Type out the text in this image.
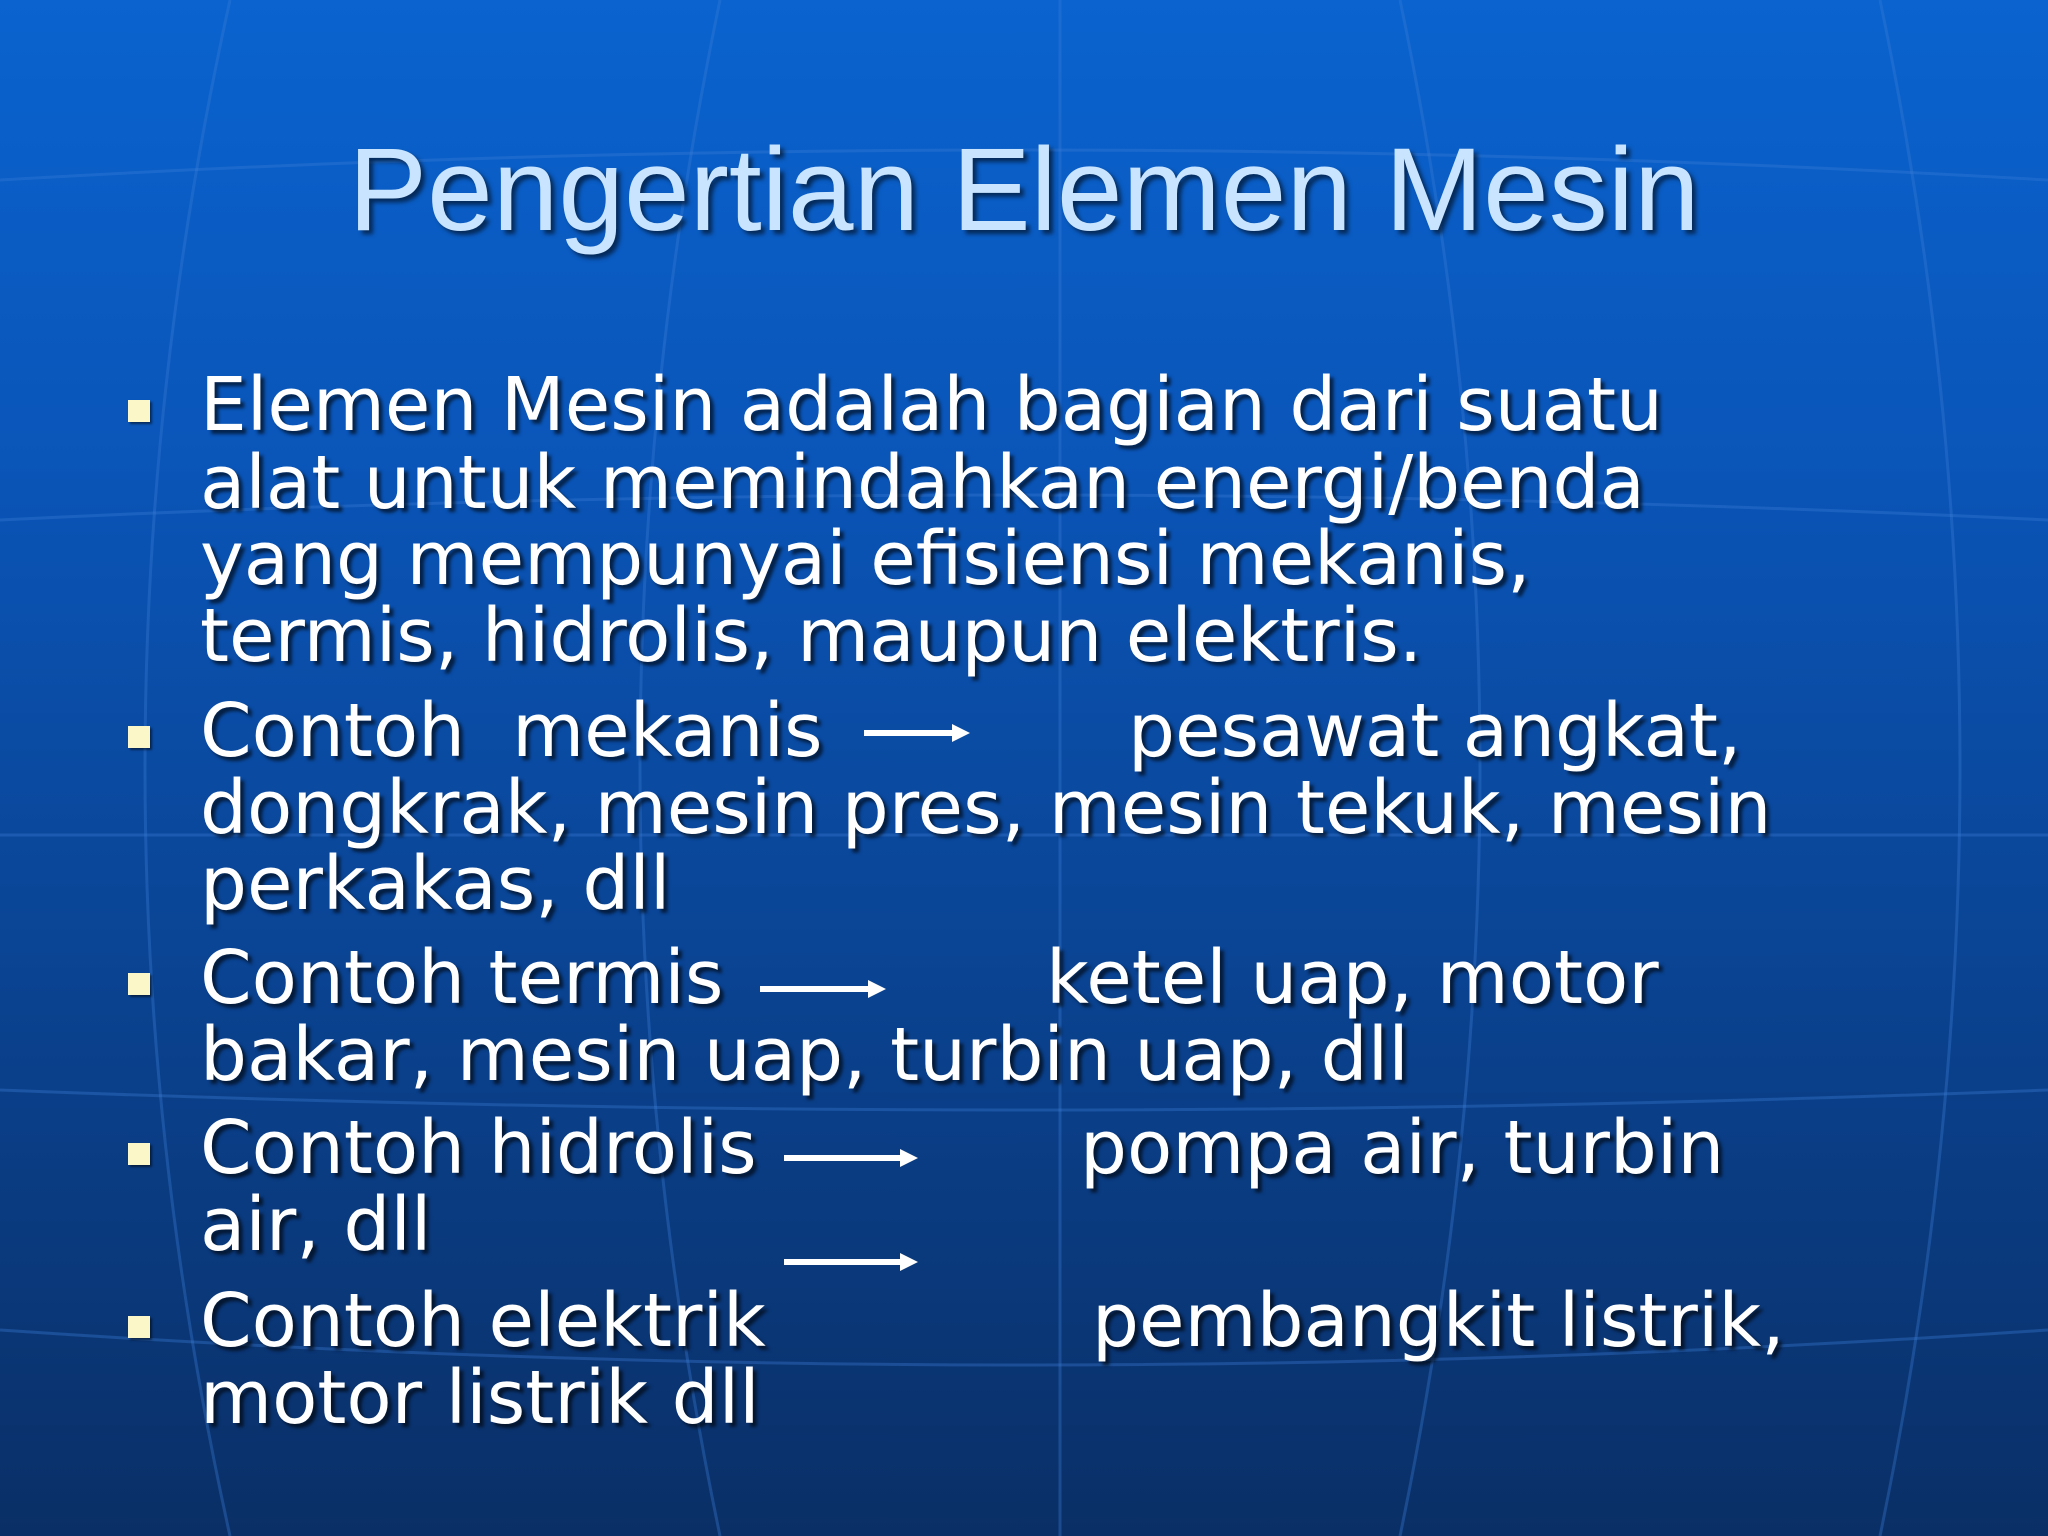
Pengertian Elemen Mesin
Elemen Mesin adalah bagian dari suatu
alat untuk memindahkan energi/benda
yang mempunyai efisiensi mekanis,
termis, hidrolis, maupun elektris.
Contoh  mekanis	pesawat angkat,
dongkrak, mesin pres, mesin tekuk, mesin
perkakas, dll
Contoh termis	ketel uap, motor
bakar, mesin uap, turbin uap, dll
Contoh hidrolis	pompa air, turbin
air, dll
Contoh elektrik	pembangkit listrik,
motor listrik dll
